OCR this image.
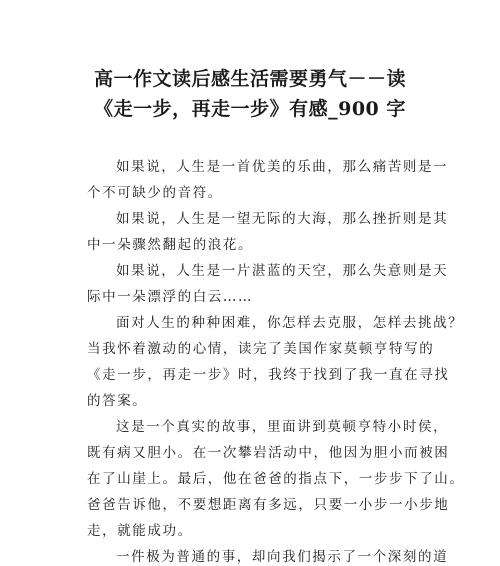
高一作文读后感生活需要勇气－－读
《走一步，再走一步》有感_900 字
如果说，人生是一首优美的乐曲，那么痛苦则是一
个不可缺少的音符。
如果说，人生是一望无际的大海，那么挫折则是其
中一朵骤然翻起的浪花。
如果说，人生是一片湛蓝的天空，那么失意则是天
际中一朵漂浮的白云……
面对人生的种种困难，你怎样去克服，怎样去挑战？
当我怀着激动的心情，读完了美国作家莫顿亨特写的
《走一步，再走一步》时，我终于找到了我一直在寻找
的答案。
这是一个真实的故事，里面讲到莫顿亨特小时侯，
既有病又胆小。在一次攀岩活动中，他因为胆小而被困
在了山崖上。最后，他在爸爸的指点下，一步步下了山。
爸爸告诉他，不要想距离有多远，只要一小步一小步地
走，就能成功。
一件极为普通的事，却向我们揭示了一个深刻的道
